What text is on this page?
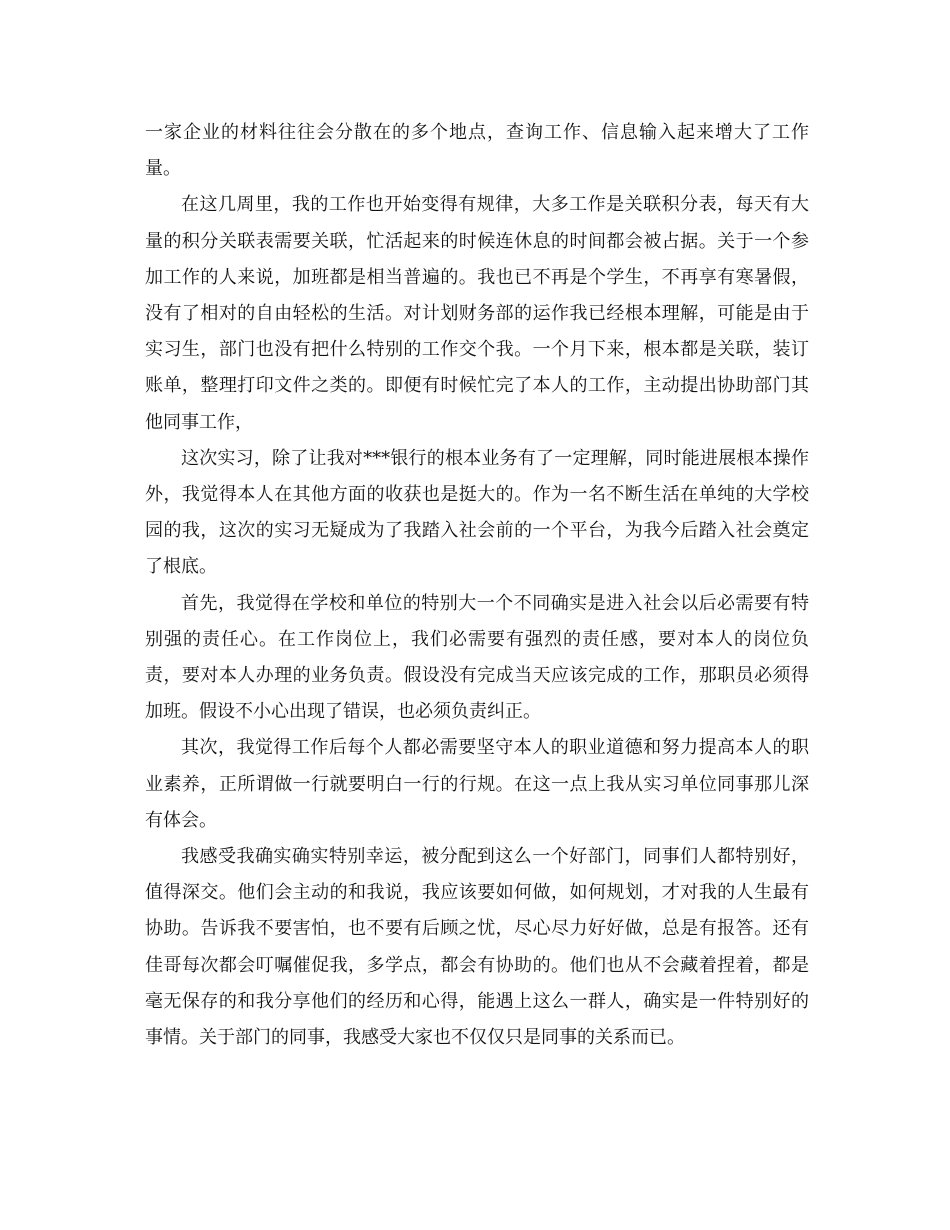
一家企业的材料往往会分散在的多个地点，查询工作、信息输入起来增大了工作量。

在这几周里，我的工作也开始变得有规律，大多工作是关联积分表，每天有大量的积分关联表需要关联，忙活起来的时候连休息的时间都会被占据。关于一个参加工作的人来说，加班都是相当普遍的。我也已不再是个学生，不再享有寒暑假，没有了相对的自由轻松的生活。对计划财务部的运作我已经根本理解，可能是由于实习生，部门也没有把什么特别的工作交个我。一个月下来，根本都是关联，装订账单，整理打印文件之类的。即便有时候忙完了本人的工作，主动提出协助部门其他同事工作，

这次实习，除了让我对***银行的根本业务有了一定理解，同时能进展根本操作外，我觉得本人在其他方面的收获也是挺大的。作为一名不断生活在单纯的大学校园的我，这次的实习无疑成为了我踏入社会前的一个平台，为我今后踏入社会奠定了根底。

首先，我觉得在学校和单位的特别大一个不同确实是进入社会以后必需要有特别强的责任心。在工作岗位上，我们必需要有强烈的责任感，要对本人的岗位负责，要对本人办理的业务负责。假设没有完成当天应该完成的工作，那职员必须得加班。假设不小心出现了错误，也必须负责纠正。

其次，我觉得工作后每个人都必需要坚守本人的职业道德和努力提高本人的职业素养，正所谓做一行就要明白一行的行规。在这一点上我从实习单位同事那儿深有体会。

我感受我确实确实特别幸运，被分配到这么一个好部门，同事们人都特别好，值得深交。他们会主动的和我说，我应该要如何做，如何规划，才对我的人生最有协助。告诉我不要害怕，也不要有后顾之忧，尽心尽力好好做，总是有报答。还有佳哥每次都会叮嘱催促我，多学点，都会有协助的。他们也从不会藏着捏着，都是毫无保存的和我分享他们的经历和心得，能遇上这么一群人，确实是一件特别好的事情。关于部门的同事，我感受大家也不仅仅只是同事的关系而已。
